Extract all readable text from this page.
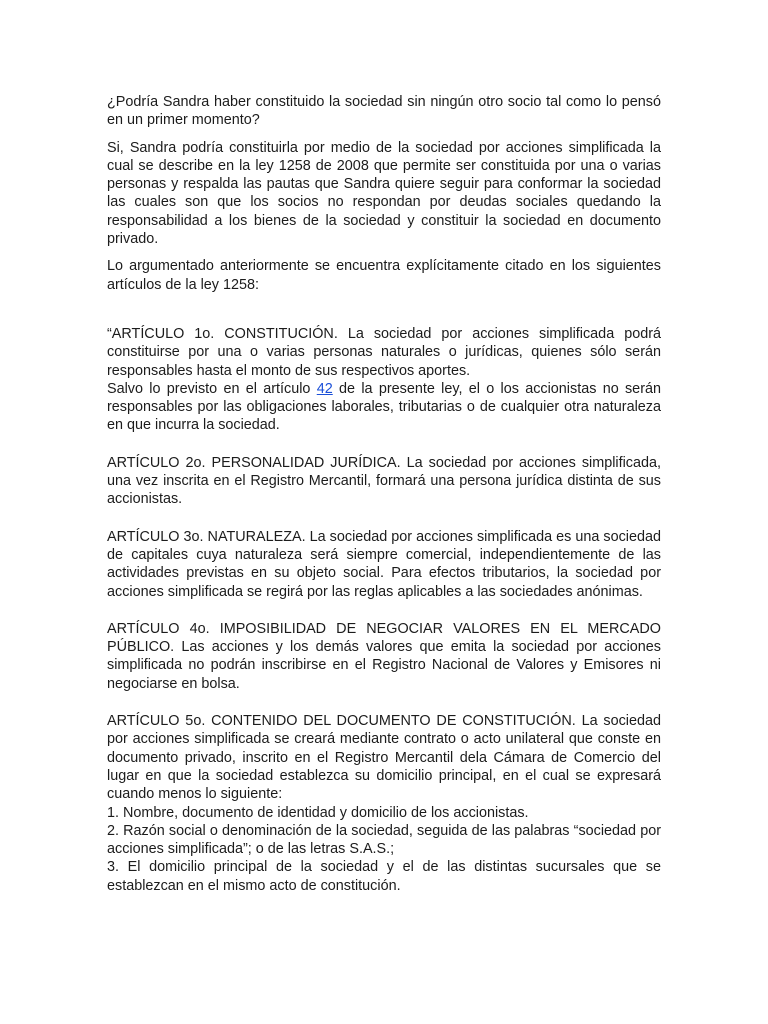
¿Podría Sandra haber constituido la sociedad sin ningún otro socio tal como lo pensó en un primer momento?

Si, Sandra podría constituirla por medio de la sociedad por acciones simplificada la cual se describe en la ley 1258 de 2008 que permite ser constituida por una o varias personas y respalda las pautas que Sandra quiere seguir para conformar la sociedad las cuales son que los socios no respondan por deudas sociales quedando la responsabilidad a los bienes de la sociedad y constituir la sociedad en documento privado.

Lo argumentado anteriormente se encuentra explícitamente citado en los siguientes artículos de la ley 1258:

“ARTÍCULO 1o. CONSTITUCIÓN. La sociedad por acciones simplificada podrá constituirse por una o varias personas naturales o jurídicas, quienes sólo serán responsables hasta el monto de sus respectivos aportes.

Salvo lo previsto en el artículo 42 de la presente ley, el o los accionistas no serán responsables por las obligaciones laborales, tributarias o de cualquier otra naturaleza en que incurra la sociedad.

ARTÍCULO 2o. PERSONALIDAD JURÍDICA. La sociedad por acciones simplificada, una vez inscrita en el Registro Mercantil, formará una persona jurídica distinta de sus accionistas.

ARTÍCULO 3o. NATURALEZA. La sociedad por acciones simplificada es una sociedad de capitales cuya naturaleza será siempre comercial, independientemente de las actividades previstas en su objeto social. Para efectos tributarios, la sociedad por acciones simplificada se regirá por las reglas aplicables a las sociedades anónimas.

ARTÍCULO 4o. IMPOSIBILIDAD DE NEGOCIAR VALORES EN EL MERCADO PÚBLICO. Las acciones y los demás valores que emita la sociedad por acciones simplificada no podrán inscribirse en el Registro Nacional de Valores y Emisores ni negociarse en bolsa.

ARTÍCULO 5o. CONTENIDO DEL DOCUMENTO DE CONSTITUCIÓN. La sociedad por acciones simplificada se creará mediante contrato o acto unilateral que conste en documento privado, inscrito en el Registro Mercantil dela Cámara de Comercio del lugar en que la sociedad establezca su domicilio principal, en el cual se expresará cuando menos lo siguiente:

1. Nombre, documento de identidad y domicilio de los accionistas.

2. Razón social o denominación de la sociedad, seguida de las palabras “sociedad por acciones simplificada”; o de las letras S.A.S.;

3. El domicilio principal de la sociedad y el de las distintas sucursales que se establezcan en el mismo acto de constitución.
